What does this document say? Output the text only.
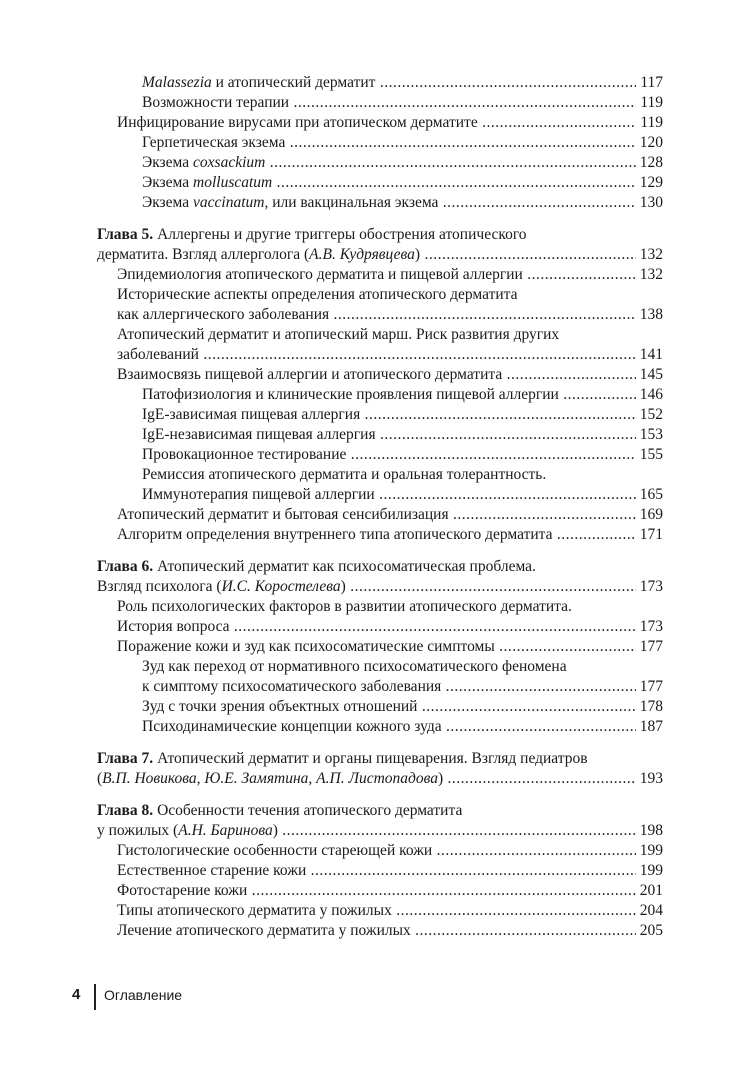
Malassezia и атопический дерматит .....	117
Возможности терапии .....	119
Инфицирование вирусами при атопическом дерматите .....	119
Герпетическая экзема .....	120
Экзема coxsackium .....	128
Экзема molluscatum .....	129
Экзема vaccinatum, или вакцинальная экзема .....	130
Глава 5. Аллергены и другие триггеры обострения атопического
дерматита. Взгляд аллерголога (А.В. Кудрявцева) .....	132
Эпидемиология атопического дерматита и пищевой аллергии .....	132
Исторические аспекты определения атопического дерматита
как аллергического заболевания .....	138
Атопический дерматит и атопический марш. Риск развития других
заболеваний .....	141
Взаимосвязь пищевой аллергии и атопического дерматита .....	145
Патофизиология и клинические проявления пищевой аллергии .....	146
IgE-зависимая пищевая аллергия .....	152
IgE-независимая пищевая аллергия .....	153
Провокационное тестирование .....	155
Ремиссия атопического дерматита и оральная толерантность.
Иммунотерапия пищевой аллергии .....	165
Атопический дерматит и бытовая сенсибилизация .....	169
Алгоритм определения внутреннего типа атопического дерматита .....	171
Глава 6. Атопический дерматит как психосоматическая проблема.
Взгляд психолога (И.С. Коростелева) .....	173
Роль психологических факторов в развитии атопического дерматита.
История вопроса .....	173
Поражение кожи и зуд как психосоматические симптомы .....	177
Зуд как переход от нормативного психосоматического феномена
к симптому психосоматического заболевания .....	177
Зуд с точки зрения объектных отношений .....	178
Психодинамические концепции кожного зуда .....	187
Глава 7. Атопический дерматит и органы пищеварения. Взгляд педиатров
(В.П. Новикова, Ю.Е. Замятина, А.П. Листопадова) .....	193
Глава 8. Особенности течения атопического дерматита
у пожилых (А.Н. Баринова) .....	198
Гистологические особенности стареющей кожи .....	199
Естественное старение кожи .....	199
Фотостарение кожи .....	201
Типы атопического дерматита у пожилых .....	204
Лечение атопического дерматита у пожилых .....	205
4 Оглавление
